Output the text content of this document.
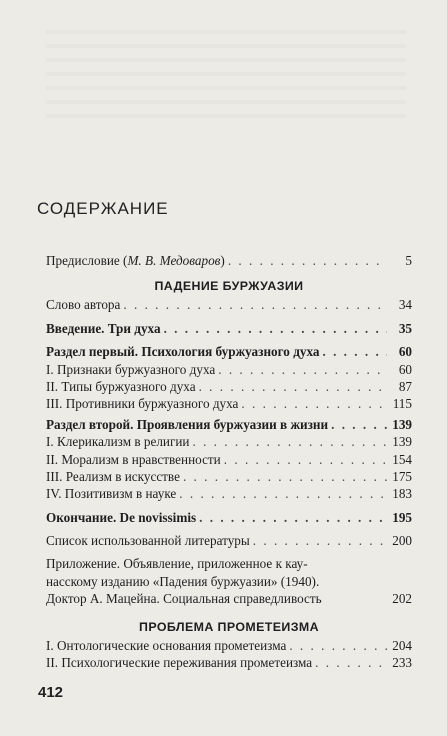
СОДЕРЖАНИЕ
Предисловие (М. В. Медоваров) . . .	5
ПАДЕНИЕ БУРЖУАЗИИ
Слово автора . . .	34
Введение. Три духа . . .	35
Раздел первый. Психология буржуазного духа . . .	60
I. Признаки буржуазного духа . . .	60
II. Типы буржуазного духа . . .	87
III. Противники буржуазного духа . . .	115
Раздел второй. Проявления буржуазии в жизни . . .	139
I. Клерикализм в религии . . .	139
II. Морализм в нравственности . . .	154
III. Реализм в искусстве . . .	175
IV. Позитивизм в науке . . .	183
Окончание. De novissimis . . .	195
Список использованной литературы . . .	200
Приложение. Объявление, приложенное к кау-
насскому изданию «Падения буржуазии» (1940).
Доктор А. Мацейна. Социальная справедливость	202
ПРОБЛЕМА ПРОМЕТЕИЗМА
I. Онтологические основания прометеизма . . .	204
II. Психологические переживания прометеизма . . .	233
412
